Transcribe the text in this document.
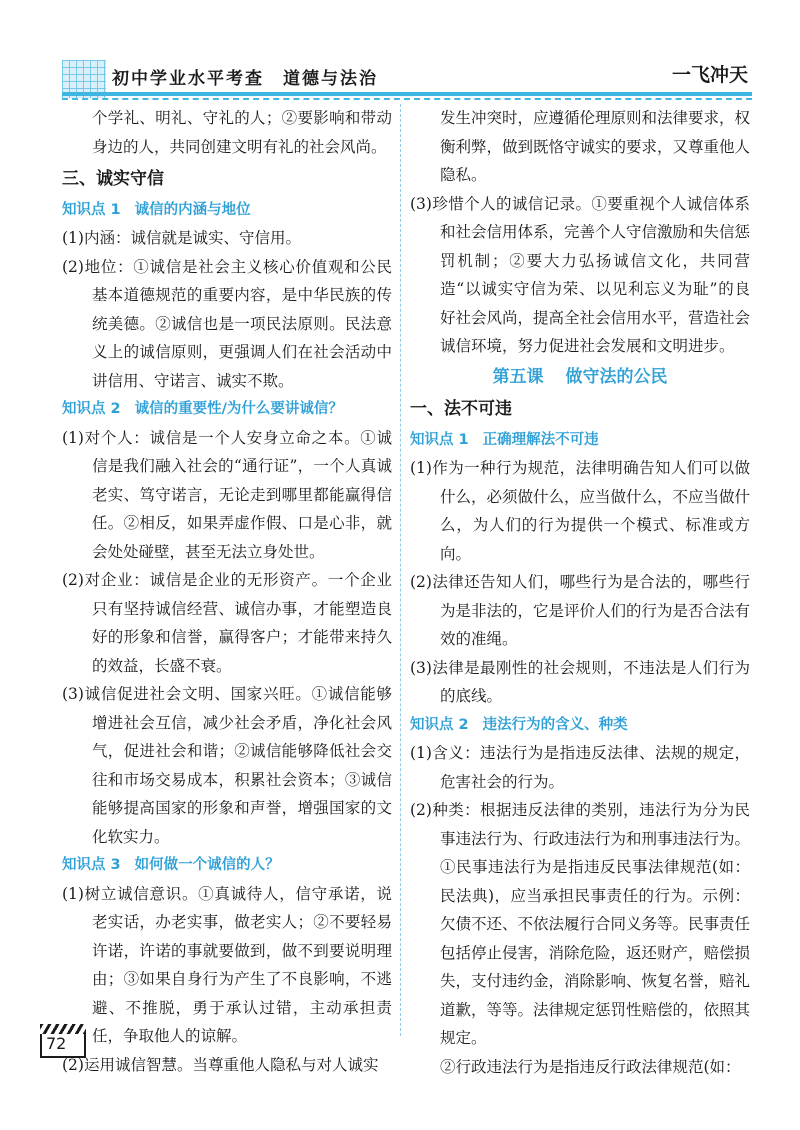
初中学业水平考查　道德与法治	一飞冲天

个学礼、明礼、守礼的人；②要影响和带动身边的人，共同创建文明有礼的社会风尚。

三、诚实守信
知识点 1 诚信的内涵与地位

(1)内涵：诚信就是诚实、守信用。

(2)地位：①诚信是社会主义核心价值观和公民基本道德规范的重要内容，是中华民族的传统美德。②诚信也是一项民法原则。民法意义上的诚信原则，更强调人们在社会活动中讲信用、守诺言、诚实不欺。

知识点 2 诚信的重要性/为什么要讲诚信？

(1)对个人：诚信是一个人安身立命之本。①诚信是我们融入社会的“通行证”，一个人真诚老实、笃守诺言，无论走到哪里都能赢得信任。②相反，如果弄虚作假、口是心非，就会处处碰壁，甚至无法立身处世。

(2)对企业：诚信是企业的无形资产。一个企业只有坚持诚信经营、诚信办事，才能塑造良好的形象和信誉，赢得客户；才能带来持久的效益，长盛不衰。

(3)诚信促进社会文明、国家兴旺。①诚信能够增进社会互信，减少社会矛盾，净化社会风气，促进社会和谐；②诚信能够降低社会交往和市场交易成本，积累社会资本；③诚信能够提高国家的形象和声誉，增强国家的文化软实力。

知识点 3 如何做一个诚信的人？

(1)树立诚信意识。①真诚待人，信守承诺，说老实话，办老实事，做老实人；②不要轻易许诺，许诺的事就要做到，做不到要说明理由；③如果自身行为产生了不良影响，不逃避、不推脱，勇于承认过错，主动承担责任，争取他人的谅解。

(2)运用诚信智慧。当尊重他人隐私与对人诚实

发生冲突时，应遵循伦理原则和法律要求，权衡利弊，做到既恪守诚实的要求，又尊重他人隐私。

(3)珍惜个人的诚信记录。①要重视个人诚信体系和社会信用体系，完善个人守信激励和失信惩罚机制；②要大力弘扬诚信文化，共同营造“以诚实守信为荣、以见利忘义为耻”的良好社会风尚，提高全社会信用水平，营造社会诚信环境，努力促进社会发展和文明进步。

第五课 做守法的公民
一、法不可违
知识点 1 正确理解法不可违

(1)作为一种行为规范，法律明确告知人们可以做什么，必须做什么，应当做什么，不应当做什么，为人们的行为提供一个模式、标准或方向。

(2)法律还告知人们，哪些行为是合法的，哪些行为是非法的，它是评价人们的行为是否合法有效的准绳。

(3)法律是最刚性的社会规则，不违法是人们行为的底线。

知识点 2 违法行为的含义、种类

(1)含义：违法行为是指违反法律、法规的规定，危害社会的行为。

(2)种类：根据违反法律的类别，违法行为分为民事违法行为、行政违法行为和刑事违法行为。

①民事违法行为是指违反民事法律规范(如：民法典)，应当承担民事责任的行为。示例：欠债不还、不依法履行合同义务等。民事责任包括停止侵害，消除危险，返还财产，赔偿损失，支付违约金，消除影响、恢复名誉，赔礼道歉，等等。法律规定惩罚性赔偿的，依照其规定。

②行政违法行为是指违反行政法律规范(如：

72
